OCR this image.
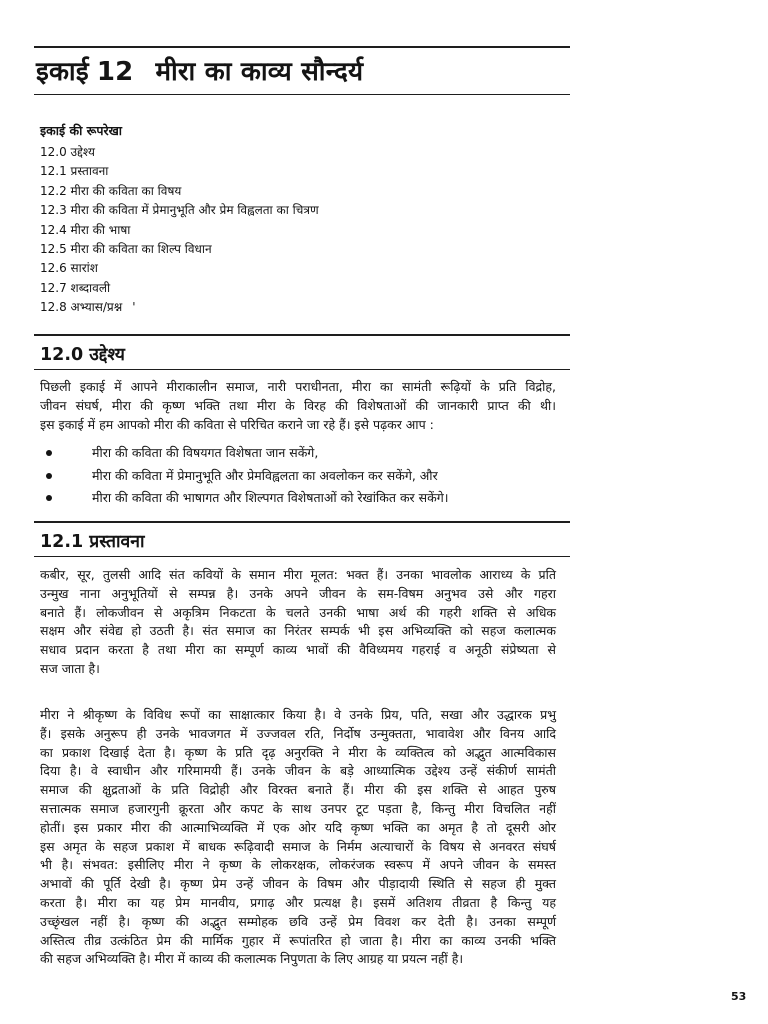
इकाई 12 मीरा का काव्य सौन्दर्य
इकाई की रूपरेखा
12.0 उद्देश्य
12.1 प्रस्तावना
12.2 मीरा की कविता का विषय
12.3 मीरा की कविता में प्रेमानुभूति और प्रेम विह्वलता का चित्रण
12.4 मीरा की भाषा
12.5 मीरा की कविता का शिल्प विधान
12.6 सारांश
12.7 शब्दावली
12.8 अभ्यास/प्रश्न '
12.0 उद्देश्य
पिछली इकाई में आपने मीराकालीन समाज, नारी पराधीनता, मीरा का सामंती रूढ़ियों के प्रति विद्रोह,
जीवन संघर्ष, मीरा की कृष्ण भक्ति तथा मीरा के विरह की विशेषताओं की जानकारी प्राप्त की थी।
इस इकाई में हम आपको मीरा की कविता से परिचित कराने जा रहे हैं। इसे पढ़कर आप :
मीरा की कविता की विषयगत विशेषता जान सकेंगे,
मीरा की कविता में प्रेमानुभूति और प्रेमविह्वलता का अवलोकन कर सकेंगे, और
मीरा की कविता की भाषागत और शिल्पगत विशेषताओं को रेखांकित कर सकेंगे।
12.1 प्रस्तावना
कबीर, सूर, तुलसी आदि संत कवियों के समान मीरा मूलत: भक्त हैं। उनका भावलोक आराध्य के प्रति
उन्मुख नाना अनुभूतियों से सम्पन्न है। उनके अपने जीवन के सम-विषम अनुभव उसे और गहरा
बनाते हैं। लोकजीवन से अकृत्रिम निकटता के चलते उनकी भाषा अर्थ की गहरी शक्ति से अधिक
सक्षम और संवेद्य हो उठती है। संत समाज का निरंतर सम्पर्क भी इस अभिव्यक्ति को सहज कलात्मक
सधाव प्रदान करता है तथा मीरा का सम्पूर्ण काव्य भावों की वैविध्यमय गहराई व अनूठी संप्रेष्यता से
सज जाता है।
मीरा ने श्रीकृष्ण के विविध रूपों का साक्षात्कार किया है। वे उनके प्रिय, पति, सखा और उद्धारक प्रभु
हैं। इसके अनुरूप ही उनके भावजगत में उज्जवल रति, निर्दोष उन्मुक्तता, भावावेश और विनय आदि
का प्रकाश दिखाई देता है। कृष्ण के प्रति दृढ़ अनुरक्ति ने मीरा के व्यक्तित्व को अद्भुत आत्मविकास
दिया है। वे स्वाधीन और गरिमामयी हैं। उनके जीवन के बड़े आध्यात्मिक उद्देश्य उन्हें संकीर्ण सामंती
समाज की क्षुद्रताओं के प्रति विद्रोही और विरक्त बनाते हैं। मीरा की इस शक्ति से आहत पुरुष
सत्तात्मक समाज हजारगुनी क्रूरता और कपट के साथ उनपर टूट पड़ता है, किन्तु मीरा विचलित नहीं
होतीं। इस प्रकार मीरा की आत्माभिव्यक्ति में एक ओर यदि कृष्ण भक्ति का अमृत है तो दूसरी ओर
इस अमृत के सहज प्रकाश में बाधक रूढ़िवादी समाज के निर्मम अत्याचारों के विषय से अनवरत संघर्ष
भी है। संभवत: इसीलिए मीरा ने कृष्ण के लोकरक्षक, लोकरंजक स्वरूप में अपने जीवन के समस्त
अभावों की पूर्ति देखी है। कृष्ण प्रेम उन्हें जीवन के विषम और पीड़ादायी स्थिति से सहज ही मुक्त
करता है। मीरा का यह प्रेम मानवीय, प्रगाढ़ और प्रत्यक्ष है। इसमें अतिशय तीव्रता है किन्तु यह
उच्छृंखल नहीं है। कृष्ण की अद्भुत सम्मोहक छवि उन्हें प्रेम विवश कर देती है। उनका सम्पूर्ण
अस्तित्व तीव्र उत्कंठित प्रेम की मार्मिक गुहार में रूपांतरित हो जाता है। मीरा का काव्य उनकी भक्ति
की सहज अभिव्यक्ति है। मीरा में काव्य की कलात्मक निपुणता के लिए आग्रह या प्रयत्न नहीं है।
53
